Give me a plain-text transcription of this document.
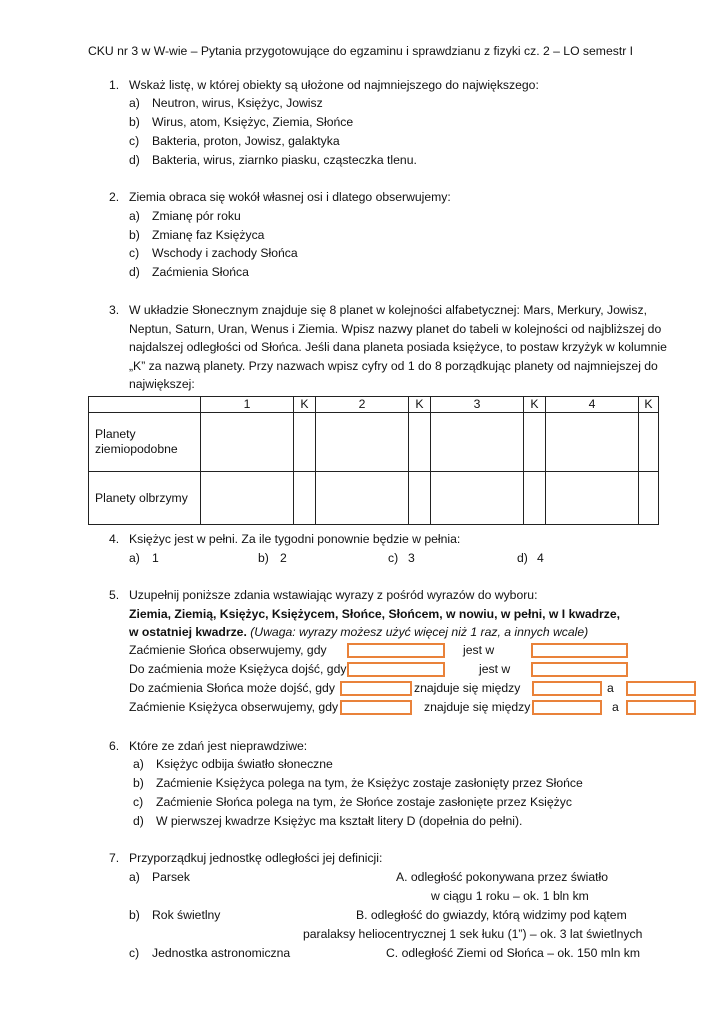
CKU nr 3 w W-wie – Pytania przygotowujące do egzaminu i sprawdzianu z fizyki cz. 2 – LO semestr I
1. Wskaż listę, w której obiekty są ułożone od najmniejszego do największego:
a) Neutron, wirus, Księżyc, Jowisz
b) Wirus, atom, Księżyc, Ziemia, Słońce
c) Bakteria, proton, Jowisz, galaktyka
d) Bakteria, wirus, ziarnko piasku, cząsteczka tlenu.
2. Ziemia obraca się wokół własnej osi i dlatego obserwujemy:
a) Zmianę pór roku
b) Zmianę faz Księżyca
c) Wschody i zachody Słońca
d) Zaćmienia Słońca
3. W układzie Słonecznym znajduje się 8 planet w kolejności alfabetycznej: Mars, Merkury, Jowisz,
Neptun, Saturn, Uran, Wenus i Ziemia. Wpisz nazwy planet do tabeli w kolejności od najbliższej do
najdalszej odległości od Słońca. Jeśli dana planeta posiada księżyce, to postaw krzyżyk w kolumnie
„K” za nazwą planety. Przy nazwach wpisz cyfry od 1 do 8 porządkując planety od najmniejszej do
największej:
	1	K	2	K	3	K	4	K

Planety
ziemiopodobne								

Planety olbrzymy								
4. Księżyc jest w pełni. Za ile tygodni ponownie będzie w pełnia:
a) 1	b) 2	c) 3	d) 4
5. Uzupełnij poniższe zdania wstawiając wyrazy z pośród wyrazów do wyboru:
Ziemia, Ziemią, Księżyc, Księżycem, Słońce, Słońcem, w nowiu, w pełni, w I kwadrze,
w ostatniej kwadrze. (Uwaga: wyrazy możesz użyć więcej niż 1 raz, a innych wcale)
Zaćmienie Słońca obserwujemy, gdy	jest w
Do zaćmienia może Księżyca dojść, gdy	jest w
Do zaćmienia Słońca może dojść, gdy	znajduje się między	a
Zaćmienie Księżyca obserwujemy, gdy	znajduje się między	a
6. Które ze zdań jest nieprawdziwe:
a) Księżyc odbija światło słoneczne
b) Zaćmienie Księżyca polega na tym, że Księżyc zostaje zasłonięty przez Słońce
c) Zaćmienie Słońca polega na tym, że Słońce zostaje zasłonięte przez Księżyc
d) W pierwszej kwadrze Księżyc ma kształt litery D (dopełnia do pełni).
7. Przyporządkuj jednostkę odległości jej definicji:
a) Parsek	A. odległość pokonywana przez światło
w ciągu 1 roku – ok. 1 bln km
b) Rok świetlny	B. odległość do gwiazdy, którą widzimy pod kątem
paralaksy heliocentrycznej 1 sek łuku (1”) – ok. 3 lat świetlnych
c) Jednostka astronomiczna	C. odległość Ziemi od Słońca – ok. 150 mln km
